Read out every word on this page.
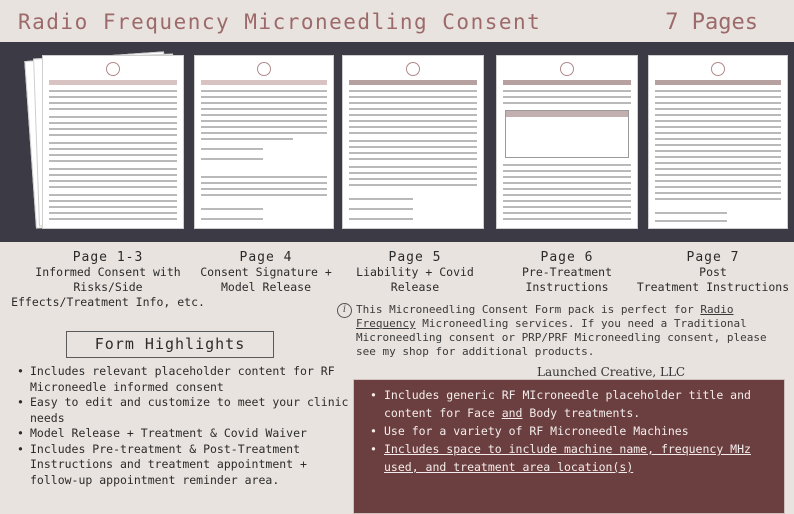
Radio Frequency Microneedling Consent	7 Pages
Page 1-3
Informed Consent with
Risks/Side
Effects/Treatment Info, etc.
Page 4
Consent Signature +
Model Release
Page 5
Liability + Covid Release
Page 6
Pre-Treatment
Instructions
Page 7
Post
Treatment Instructions
i This Microneedling Consent Form pack is perfect for Radio Frequency Microneedling services. If you need a Traditional Microneedling consent or PRP/PRF Microneedling consent, please see my shop for additional products.
Form Highlights
• Includes relevant placeholder content for RF Microneedle informed consent
• Easy to edit and customize to meet your clinic needs
• Model Release + Treatment & Covid Waiver
• Includes Pre-treatment & Post-Treatment Instructions and treatment appointment + follow-up appointment reminder area.
Launched Creative, LLC
• Includes generic RF MIcroneedle placeholder title and content for Face and Body treatments.
• Use for a variety of RF Microneedle Machines
• Includes space to include machine name, frequency MHz used, and treatment area location(s)
